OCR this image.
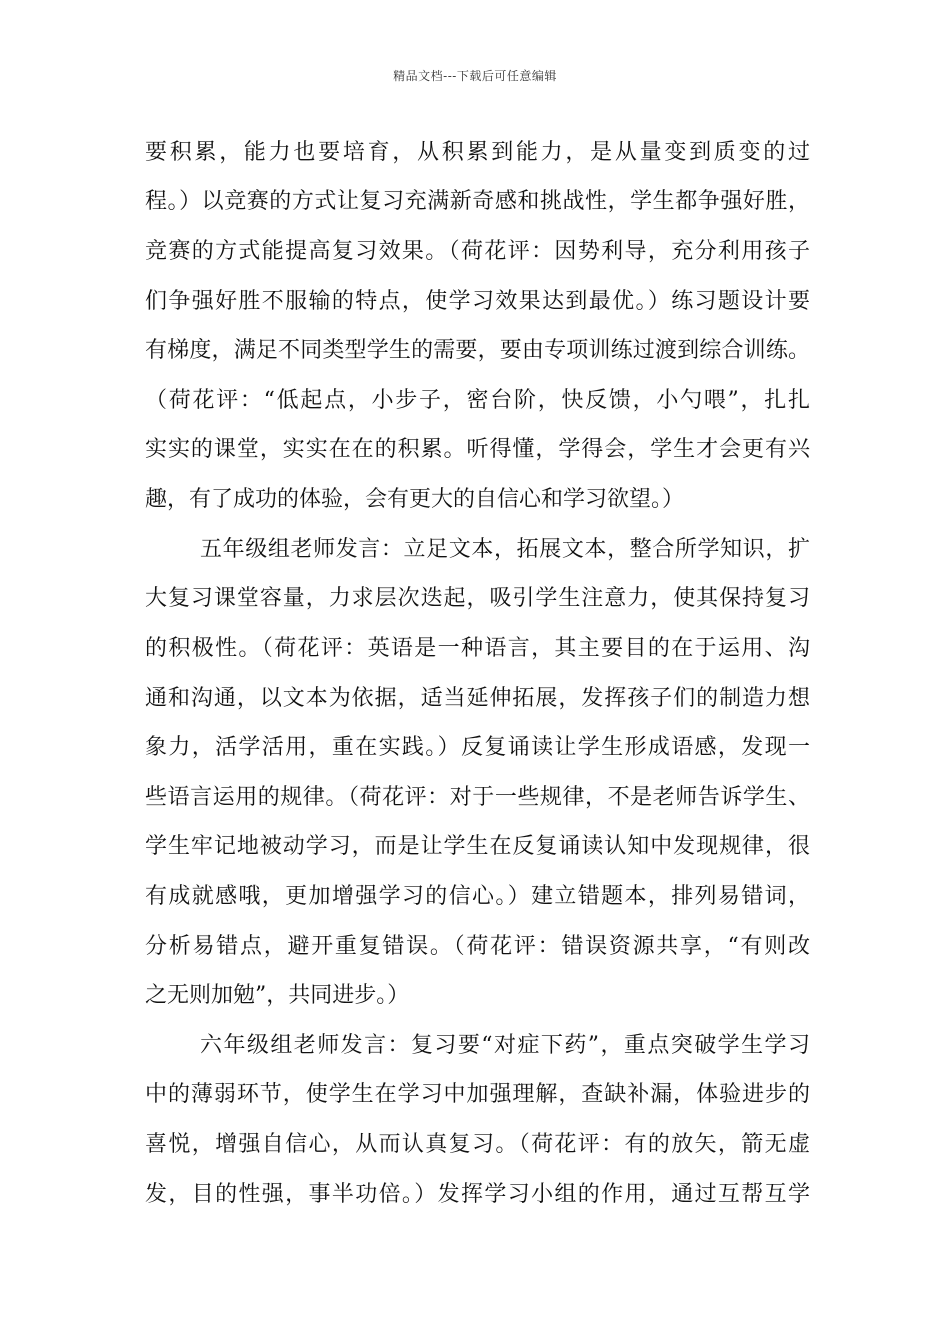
精品文档---下载后可任意编辑
要积累，能力也要培育，从积累到能力，是从量变到质变的过
程。）以竞赛的方式让复习充满新奇感和挑战性，学生都争强好胜，
竞赛的方式能提高复习效果。（荷花评：因势利导，充分利用孩子
们争强好胜不服输的特点，使学习效果达到最优。）练习题设计要
有梯度，满足不同类型学生的需要，要由专项训练过渡到综合训练。
（荷花评：“低起点，小步子，密台阶，快反馈，小勺喂”，扎扎
实实的课堂，实实在在的积累。听得懂，学得会，学生才会更有兴
趣，有了成功的体验，会有更大的自信心和学习欲望。）
五年级组老师发言：立足文本，拓展文本，整合所学知识，扩
大复习课堂容量，力求层次迭起，吸引学生注意力，使其保持复习
的积极性。（荷花评：英语是一种语言，其主要目的在于运用、沟
通和沟通，以文本为依据，适当延伸拓展，发挥孩子们的制造力想
象力，活学活用，重在实践。）反复诵读让学生形成语感，发现一
些语言运用的规律。（荷花评：对于一些规律，不是老师告诉学生、
学生牢记地被动学习，而是让学生在反复诵读认知中发现规律，很
有成就感哦，更加增强学习的信心。）建立错题本，排列易错词，
分析易错点，避开重复错误。（荷花评：错误资源共享，“有则改
之无则加勉”，共同进步。）
六年级组老师发言：复习要“对症下药”，重点突破学生学习
中的薄弱环节，使学生在学习中加强理解，查缺补漏，体验进步的
喜悦，增强自信心，从而认真复习。（荷花评：有的放矢，箭无虚
发，目的性强，事半功倍。）发挥学习小组的作用，通过互帮互学
